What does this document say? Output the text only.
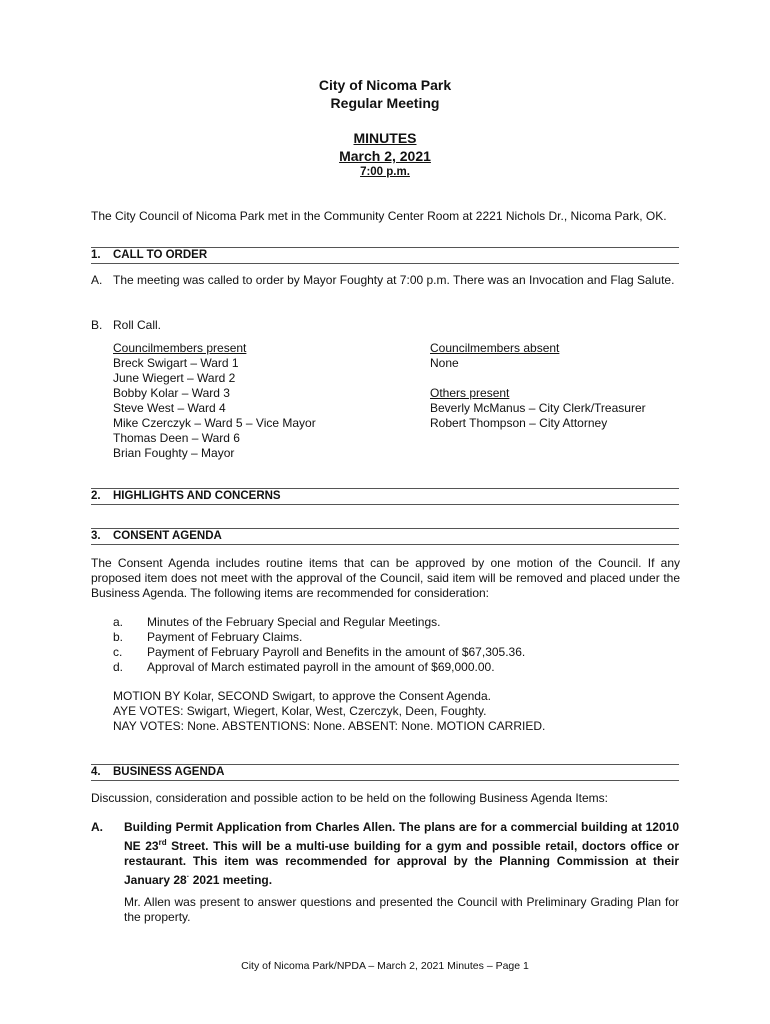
City of Nicoma Park
Regular Meeting
MINUTES
March 2, 2021
7:00 p.m.
The City Council of Nicoma Park met in the Community Center Room at 2221 Nichols Dr., Nicoma Park, OK.
1. CALL TO ORDER
A. The meeting was called to order by Mayor Foughty at 7:00 p.m. There was an Invocation and Flag Salute.
B. Roll Call.
Councilmembers present
Breck Swigart – Ward 1
June Wiegert – Ward 2
Bobby Kolar – Ward 3
Steve West – Ward 4
Mike Czerczyk – Ward 5 – Vice Mayor
Thomas Deen – Ward 6
Brian Foughty – Mayor
Councilmembers absent
None
Others present
Beverly McManus – City Clerk/Treasurer
Robert Thompson – City Attorney
2. HIGHLIGHTS AND CONCERNS
3. CONSENT AGENDA
The Consent Agenda includes routine items that can be approved by one motion of the Council. If any proposed item does not meet with the approval of the Council, said item will be removed and placed under the Business Agenda. The following items are recommended for consideration:
a. Minutes of the February Special and Regular Meetings.
b. Payment of February Claims.
c. Payment of February Payroll and Benefits in the amount of $67,305.36.
d. Approval of March estimated payroll in the amount of $69,000.00.
MOTION BY Kolar, SECOND Swigart, to approve the Consent Agenda.
AYE VOTES: Swigart, Wiegert, Kolar, West, Czerczyk, Deen, Foughty.
NAY VOTES: None. ABSTENTIONS: None. ABSENT: None. MOTION CARRIED.
4. BUSINESS AGENDA
Discussion, consideration and possible action to be held on the following Business Agenda Items:
A. Building Permit Application from Charles Allen. The plans are for a commercial building at 12010 NE 23rd Street. This will be a multi-use building for a gym and possible retail, doctors office or restaurant. This item was recommended for approval by the Planning Commission at their January 28· 2021 meeting.
Mr. Allen was present to answer questions and presented the Council with Preliminary Grading Plan for the property.
City of Nicoma Park/NPDA – March 2, 2021 Minutes – Page 1
